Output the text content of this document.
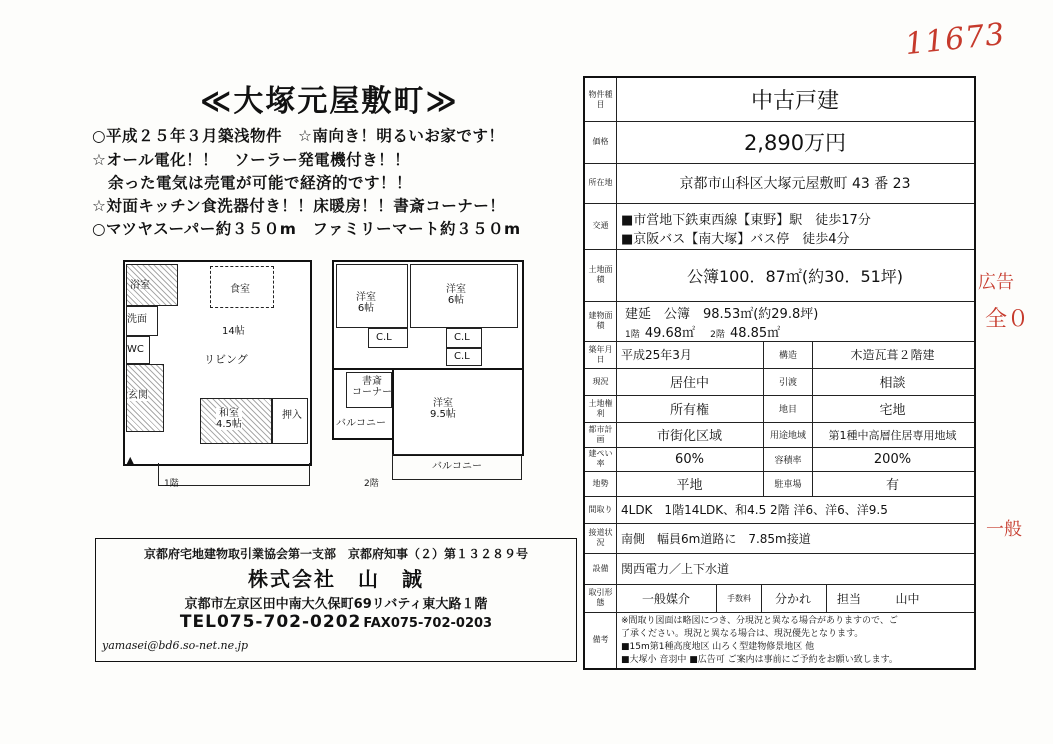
11673
広告
全０
一般
≪大塚元屋敷町≫
○平成２５年３月築浅物件　☆南向き！明るいお家です！
☆オール電化！！　ソーラー発電機付き！！
　余った電気は売電が可能で経済的です！！
☆対面キッチン食洗器付き！！床暖房！！書斎コーナー！
○マツヤスーパー約３５０m　ファミリーマート約３５０m
浴室
洗面
WC
食室
14帖
リビング
和室
4.5帖
押入
玄関
▲
1階
洋室
6帖
洋室
6帖
C.L	C.L
C.L
書斎
コーナー
バルコニー
洋室
9.5帖
バルコニー
2階
京都府宅地建物取引業協会第一支部　京都府知事（２）第１３２８９号
株式会社　山　誠
京都市左京区田中南大久保町69リバティ東大路１階
TEL075-702-0202 FAX075-702-0203
yamasei@bd6.so-net.ne.jp
物件種目	中古戸建
価格	2,890万円
所在地	京都市山科区大塚元屋敷町 43 番 23
交通 ■市営地下鉄東西線【東野】駅　徒歩17分
■京阪バス【南大塚】バス停　徒歩4分
土地面積	公簿100．87㎡(約30．51坪)
建物面積
建延　公簿　98.53㎡(約29.8坪)
1階 49.68㎡ 2階 48.85㎡
築年月日	平成25年3月	構造	木造瓦葺２階建
現況	居住中	引渡	相談
土地権利	所有権	地目	宅地
都市計画	市街化区域	用途地域	第1種中高層住居専用地域
建ぺい率	60%	容積率	200%
地勢	平地	駐車場	有
間取り 4LDK　1階14LDK、和4.5 2階 洋6、洋6、洋9.5
接道状況	南側　幅員6m道路に　7.85m接道
設備	関西電力／上下水道
取引形態	一般媒介	手数料	分かれ	担当	山中
備考
※間取り図面は略図につき、分現況と異なる場合がありますので、ご
了承ください。現況と異なる場合は、現況優先となります。
■15m第1種高度地区 山ろく型建物修景地区 他
■大塚小 音羽中 ■広告可 ご案内は事前にご予約をお願い致します。
